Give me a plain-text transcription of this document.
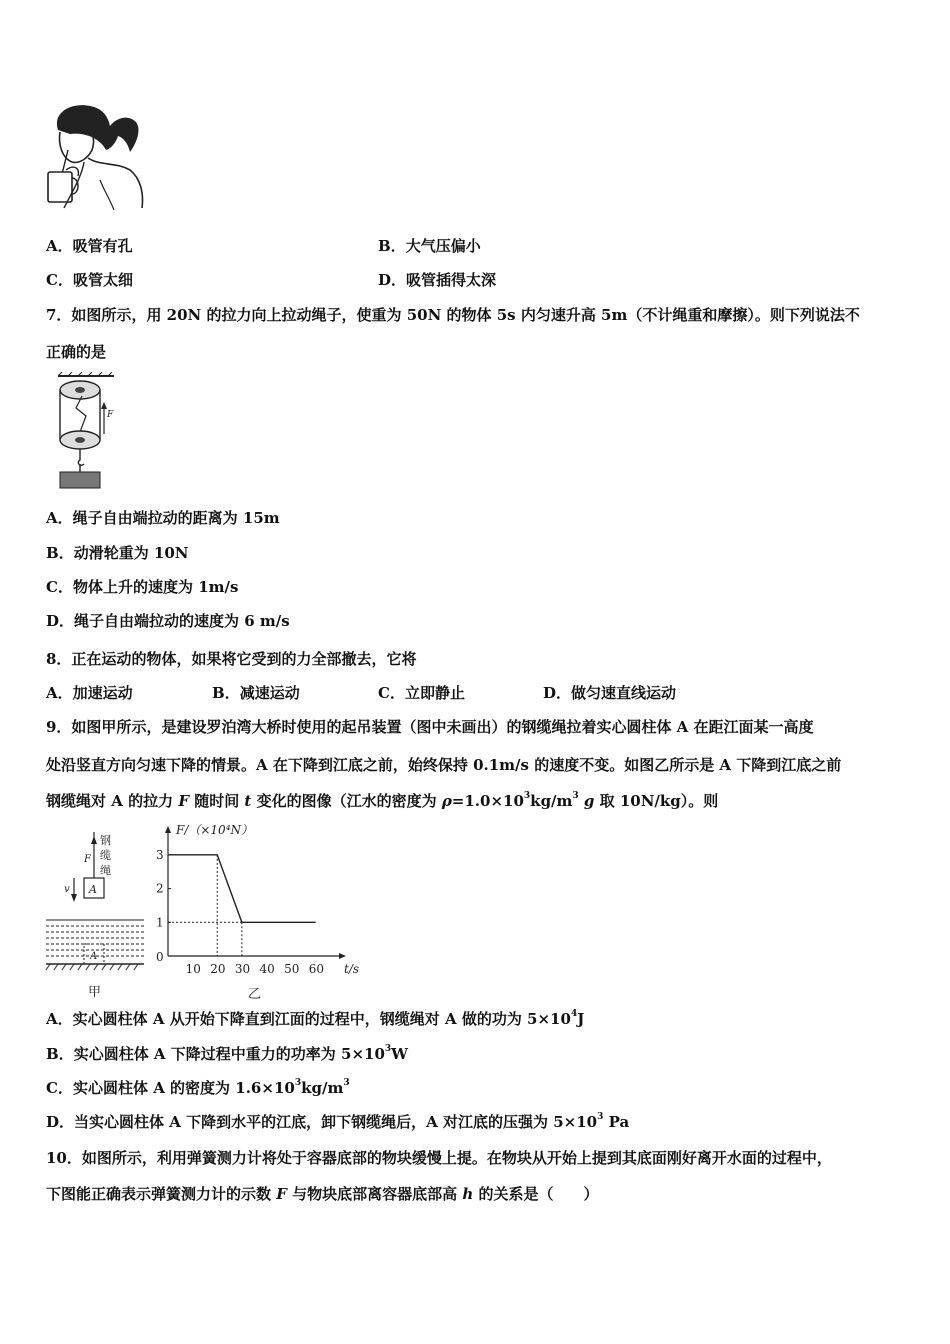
A．吸管有孔	B．大气压偏小
C．吸管太细	D．吸管插得太深
7．如图所示，用 20N 的拉力向上拉动绳子，使重为 50N 的物体 5s 内匀速升高 5m（不计绳重和摩擦）。则下列说法不
正确的是
F
A．绳子自由端拉动的距离为 15m
B．动滑轮重为 10N
C．物体上升的速度为 1m/s
D．绳子自由端拉动的速度为 6 m/s
8．正在运动的物体，如果将它受到的力全部撤去，它将
A．加速运动	B．减速运动	C．立即静止	D．做匀速直线运动
9．如图甲所示，是建设罗泊湾大桥时使用的起吊装置（图中未画出）的钢缆绳拉着实心圆柱体 A 在距江面某一高度
处沿竖直方向匀速下降的情景。A 在下降到江底之前，始终保持 0.1m/s 的速度不变。如图乙所示是 A 下降到江底之前
钢缆绳对 A 的拉力 F 随时间 t 变化的图像（江水的密度为 $\rho=1.0\times 10^3kg/m^3$ g 取 10N/kg）。则
F
钢
缆
绳
A
v
A
甲
F/（×10⁴N）
t/s
0
1
2
3
10 20 30 40 50 60
乙
A．实心圆柱体 A 从开始下降直到江面的过程中，钢缆绳对 A 做的功为 $5\times 10^4J$
B．实心圆柱体 A 下降过程中重力的功率为 $5\times 10^3W$
C．实心圆柱体 A 的密度为 $1.6\times 10^3kg/m^3$
D．当实心圆柱体 A 下降到水平的江底，卸下钢缆绳后，A 对江底的压强为 $5\times 10^3$ Pa
10．如图所示，利用弹簧测力计将处于容器底部的物块缓慢上提。在物块从开始上提到其底面刚好离开水面的过程中，
下图能正确表示弹簧测力计的示数 F 与物块底部离容器底部高 h 的关系是（　　）
